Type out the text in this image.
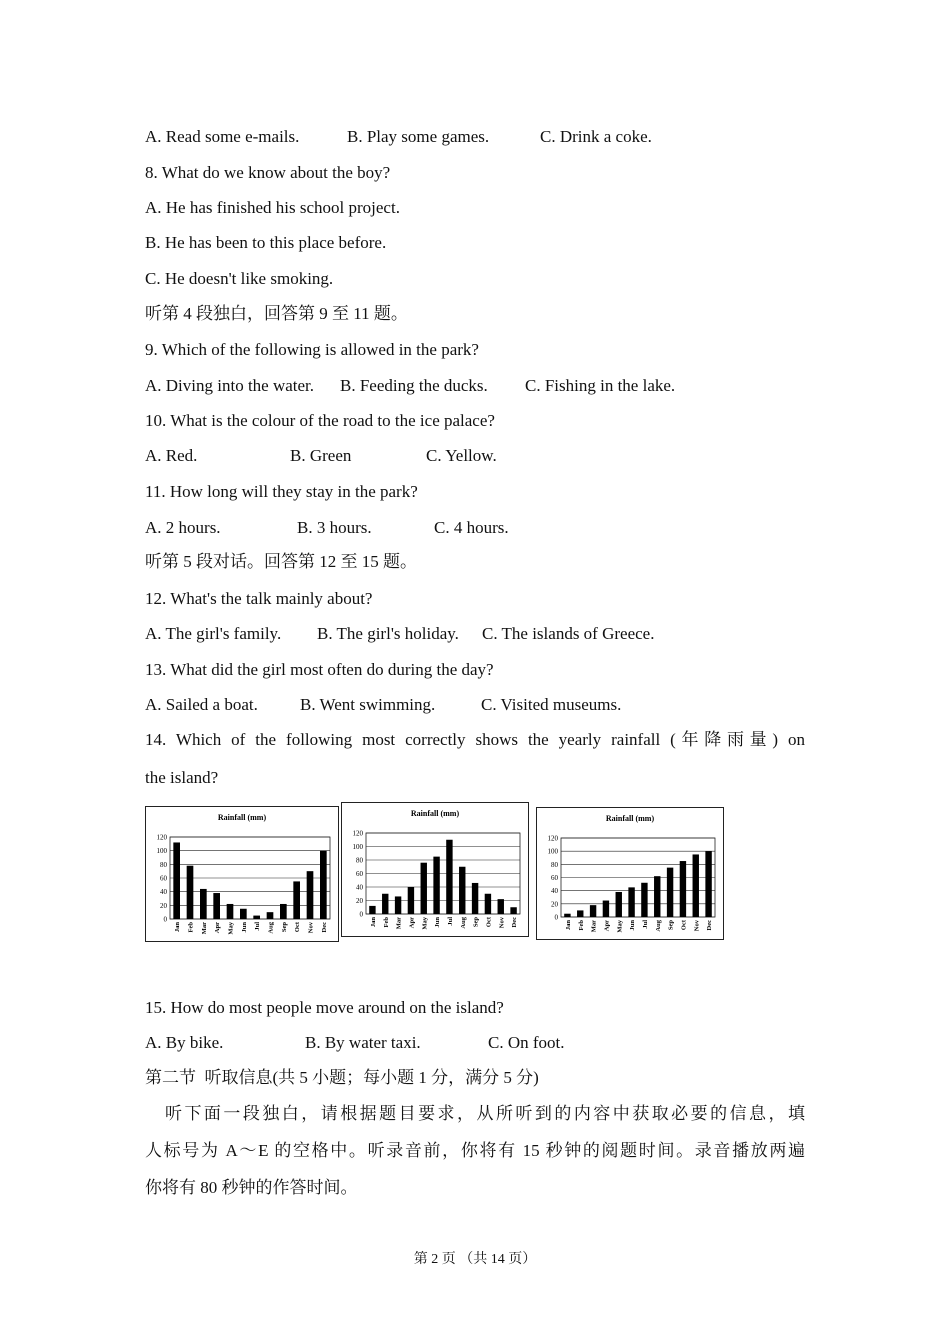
A. Read some e-mails.

	B. Play some games.

	C. Drink a coke.

8. What do we know about the boy?
A. He has finished his school project.
B. He has been to this place before.
C. He doesn't like smoking.
听第 4 段独白，回答第 9 至 11 题。
9. Which of the following is allowed in the park?

A. Diving into the water.

B. Feeding the ducks.

C. Fishing in the lake.

10. What is the colour of the road to the ice palace?

A. Red.

	B. Green

	C. Yellow.

11. How long will they stay in the park?

A. 2 hours.

	B. 3 hours.

	C. 4 hours.

听第 5 段对话。回答第 12 至 15 题。
12. What's the talk mainly about?

A. The girl's family.

B. The girl's holiday.

C. The islands of Greece.

13. What did the girl most often do during the day?

A. Sailed a boat.

B. Went swimming.

	C. Visited museums.

14. Which of the following most correctly shows the yearly rainfall (年降雨量) on
the island?
Rainfall (mm)
0
20
40
60
80
100
120
Jan Feb Mar Apr May Jun Jul Aug Sep Oct Nov Dec
Rainfall (mm)
0
20
40
60
80
100
120
Jan Feb Mar Apr May Jun Jul Aug Sep Oct Nov Dec
Rainfall (mm)
0
20
40
60
80
100
120
Jan Feb Mar Apr May Jun Jul Aug Sep Oct Nov Dec
15. How do most people move around on the island?

A. By bike.

	B. By water taxi.

	C. On foot.

第二节  听取信息(共 5 小题；每小题 1 分，满分 5 分)
听下面一段独白，请根据题目要求，从所听到的内容中获取必要的信息，填
人标号为 A～E 的空格中。听录音前，你将有 15 秒钟的阅题时间。录音播放两遍
你将有 80 秒钟的作答时间。
第 2 页 （共 14 页）
